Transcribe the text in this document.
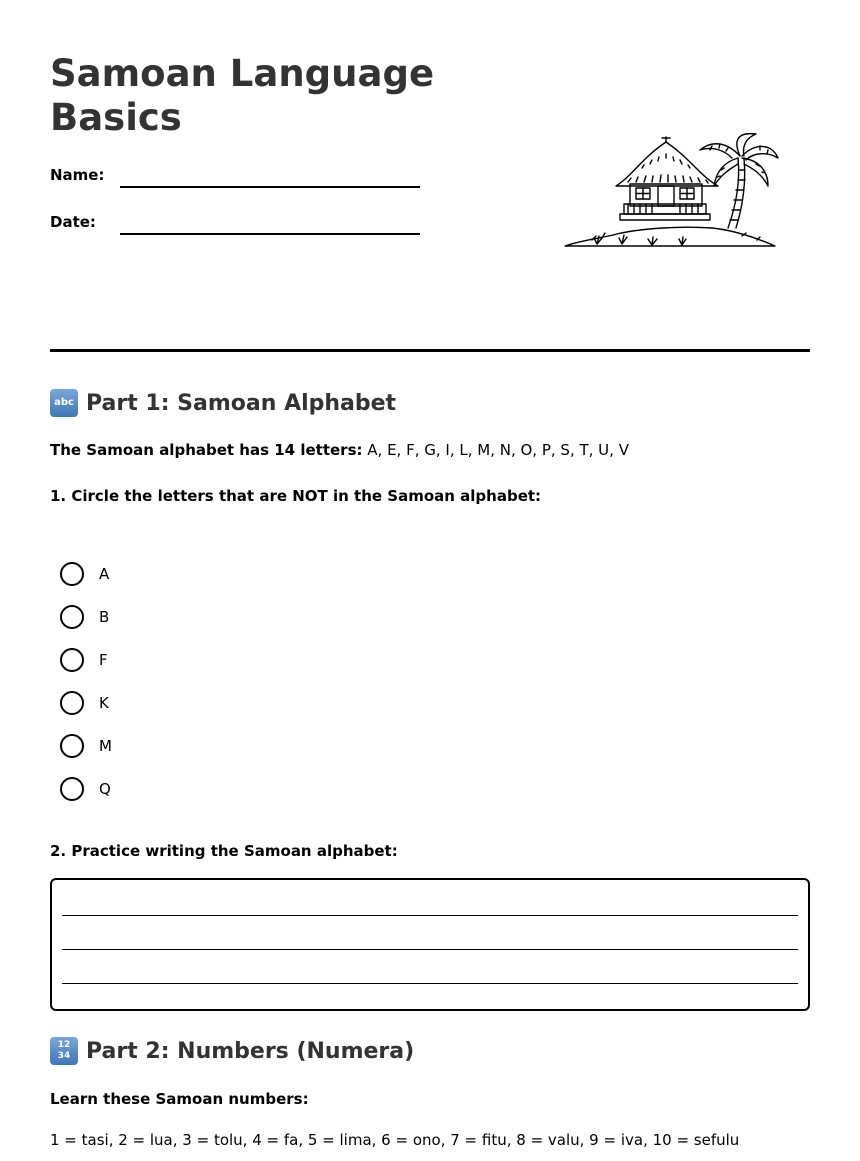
Samoan Language Basics
Name:
Date:
abc Part 1: Samoan Alphabet
The Samoan alphabet has 14 letters: A, E, F, G, I, L, M, N, O, P, S, T, U, V
1. Circle the letters that are NOT in the Samoan alphabet:
A
B
F
K
M
Q
2. Practice writing the Samoan alphabet:
1 2
3 4 Part 2: Numbers (Numera)
Learn these Samoan numbers:
1 = tasi, 2 = lua, 3 = tolu, 4 = fa, 5 = lima, 6 = ono, 7 = fitu, 8 = valu, 9 = iva, 10 = sefulu
